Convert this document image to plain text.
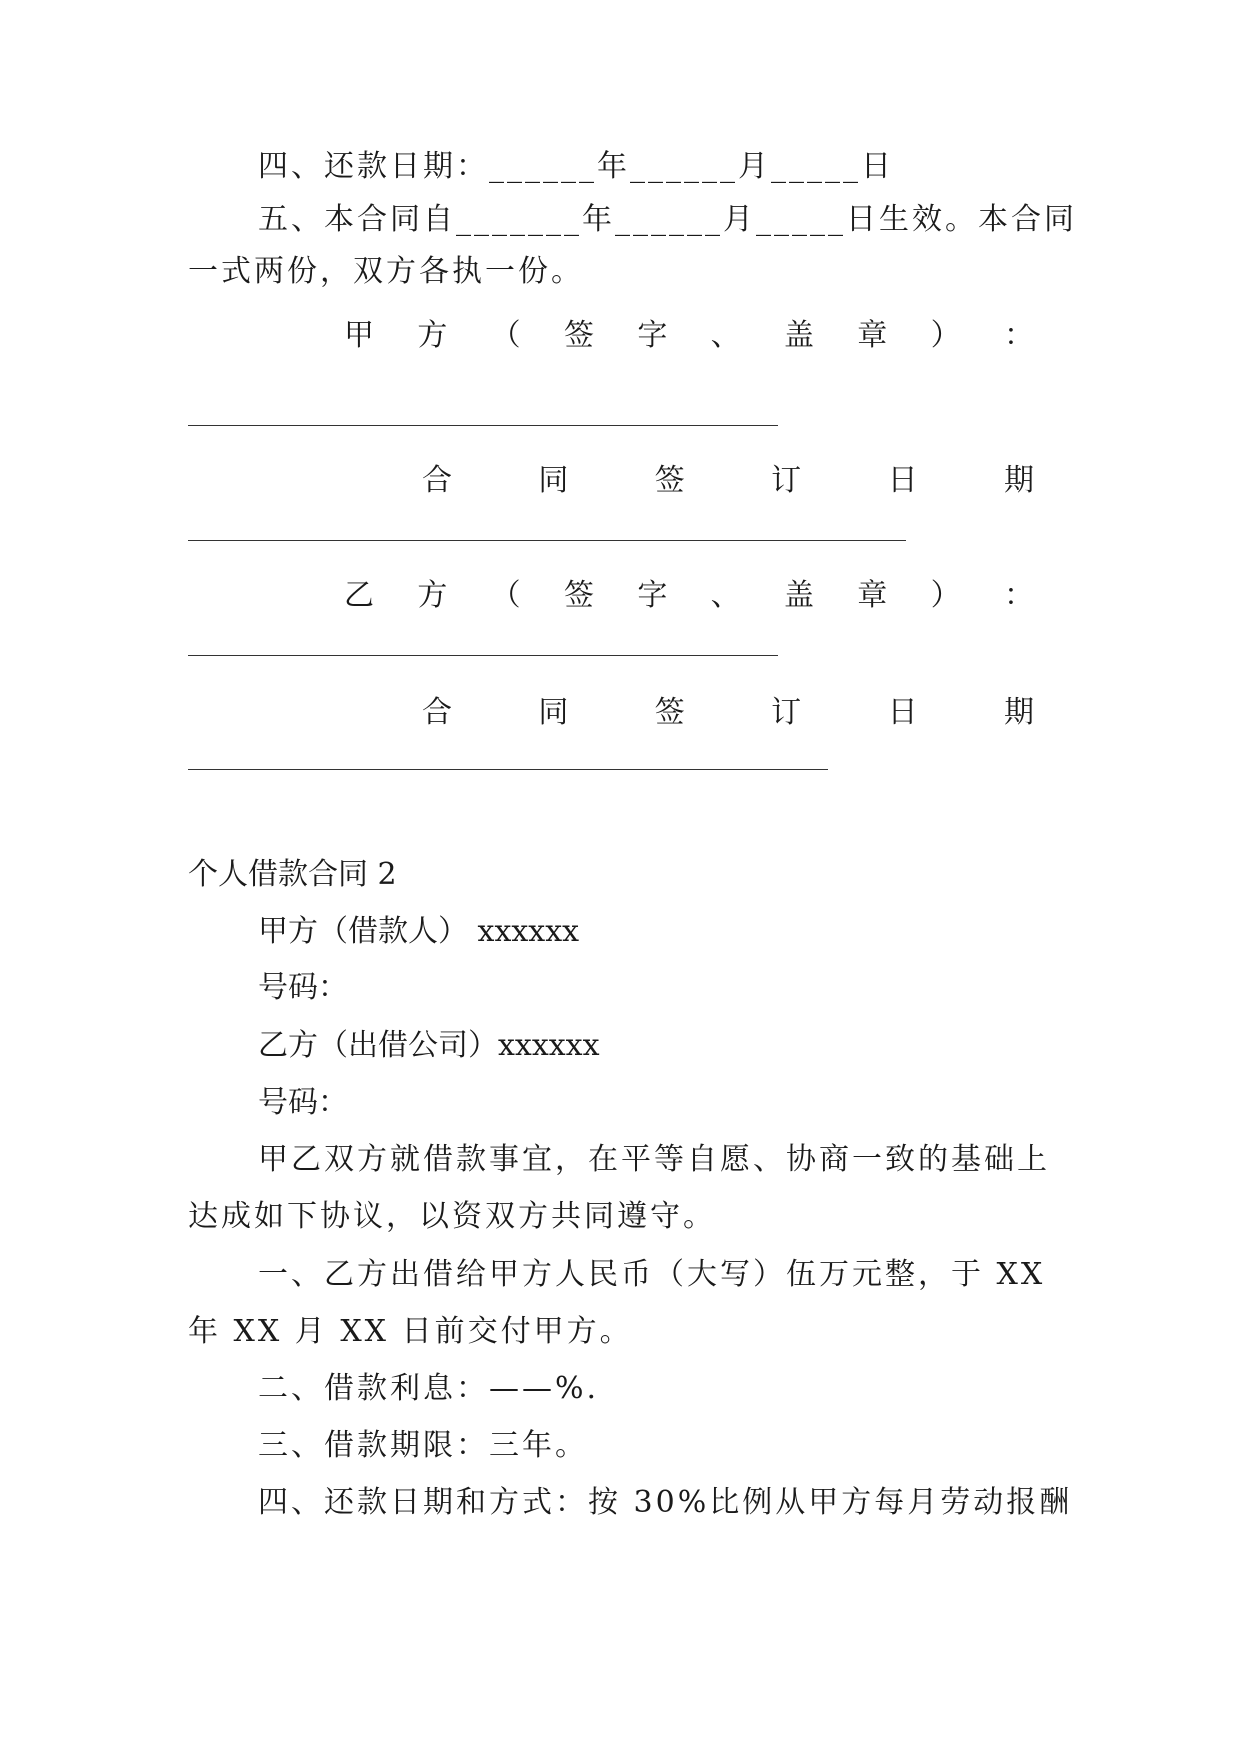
四、还款日期：______年______月_____日
五、本合同自_______年______月_____日生效。本合同
一式两份，双方各执一份。
甲 方 （ 签 字 、 盖 章 ） ：
合	同	签	订	日	期
乙 方 （ 签 字 、 盖 章 ） ：
合	同	签	订	日	期
个人借款合同 2
甲方（借款人） xxxxxx
号码：
乙方（出借公司）xxxxxx
号码：
甲乙双方就借款事宜，在平等自愿、协商一致的基础上
达成如下协议，以资双方共同遵守。
一、乙方出借给甲方人民币（大写）伍万元整，于 XX
年 XX 月 XX 日前交付甲方。
二、借款利息：——%.
三、借款期限：三年。
四、还款日期和方式：按 30%比例从甲方每月劳动报酬
